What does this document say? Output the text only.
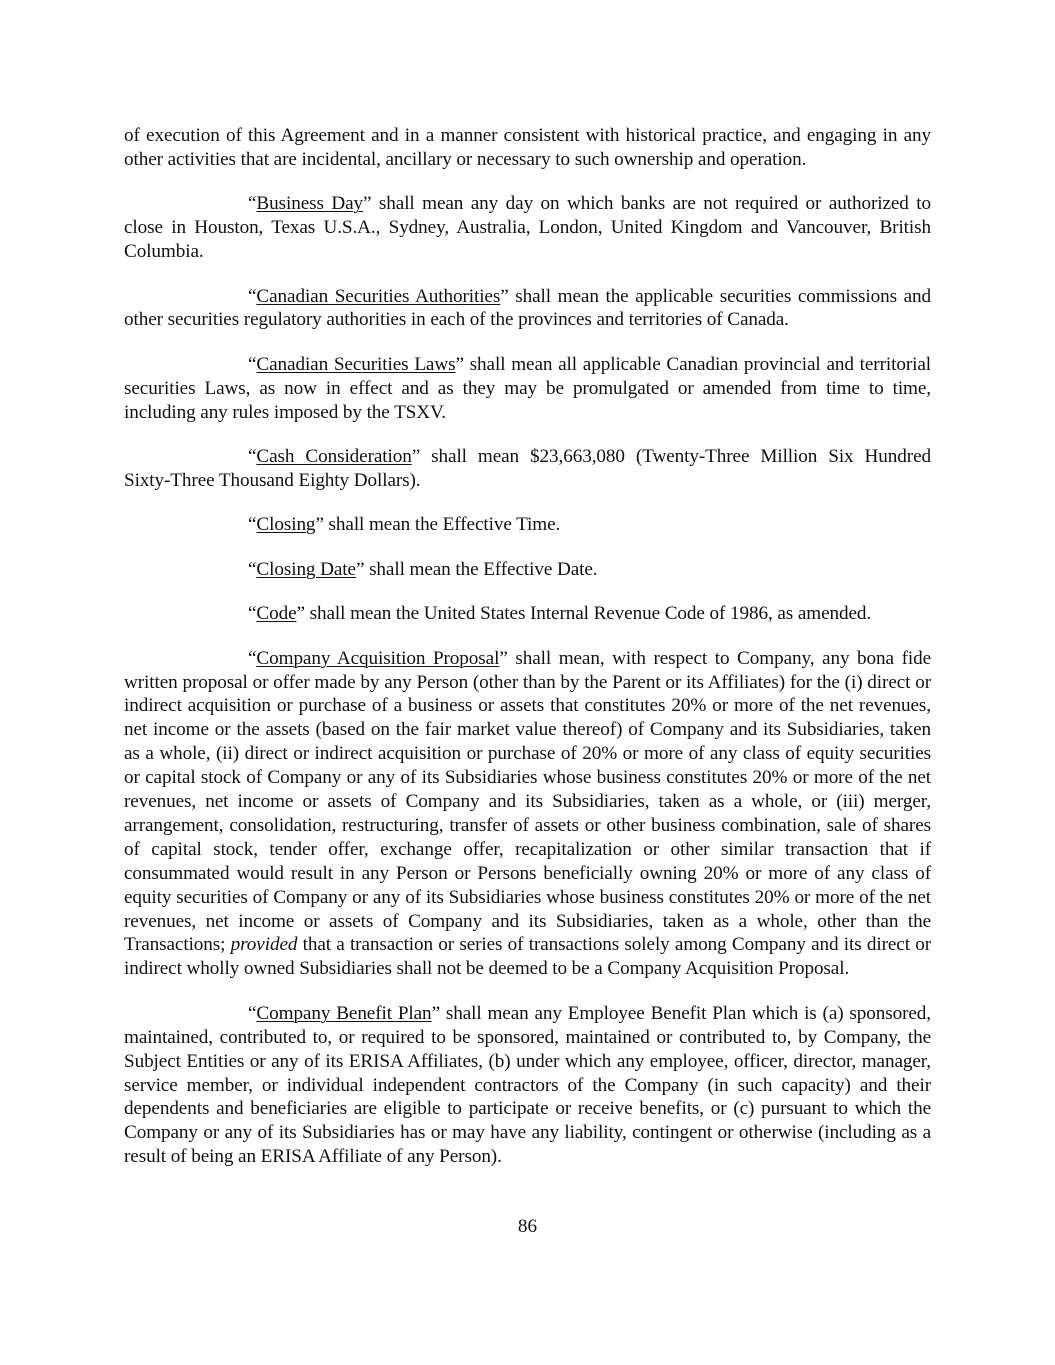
of execution of this Agreement and in a manner consistent with historical practice, and engaging in any other activities that are incidental, ancillary or necessary to such ownership and operation.

“Business Day” shall mean any day on which banks are not required or authorized to close in Houston, Texas U.S.A., Sydney, Australia, London, United Kingdom and Vancouver, British Columbia.

“Canadian Securities Authorities” shall mean the applicable securities commissions and other securities regulatory authorities in each of the provinces and territories of Canada.

“Canadian Securities Laws” shall mean all applicable Canadian provincial and territorial securities Laws, as now in effect and as they may be promulgated or amended from time to time, including any rules imposed by the TSXV.

“Cash Consideration” shall mean $23,663,080 (Twenty-Three Million Six Hundred Sixty-Three Thousand Eighty Dollars).

“Closing” shall mean the Effective Time.

“Closing Date” shall mean the Effective Date.

“Code” shall mean the United States Internal Revenue Code of 1986, as amended.

“Company Acquisition Proposal” shall mean, with respect to Company, any bona fide written proposal or offer made by any Person (other than by the Parent or its Affiliates) for the (i) direct or indirect acquisition or purchase of a business or assets that constitutes 20% or more of the net revenues, net income or the assets (based on the fair market value thereof) of Company and its Subsidiaries, taken as a whole, (ii) direct or indirect acquisition or purchase of 20% or more of any class of equity securities or capital stock of Company or any of its Subsidiaries whose business constitutes 20% or more of the net revenues, net income or assets of Company and its Subsidiaries, taken as a whole, or (iii) merger, arrangement, consolidation, restructuring, transfer of assets or other business combination, sale of shares of capital stock, tender offer, exchange offer, recapitalization or other similar transaction that if consummated would result in any Person or Persons beneficially owning 20% or more of any class of equity securities of Company or any of its Subsidiaries whose business constitutes 20% or more of the net revenues, net income or assets of Company and its Subsidiaries, taken as a whole, other than the Transactions; provided that a transaction or series of transactions solely among Company and its direct or indirect wholly owned Subsidiaries shall not be deemed to be a Company Acquisition Proposal.

“Company Benefit Plan” shall mean any Employee Benefit Plan which is (a) sponsored, maintained, contributed to, or required to be sponsored, maintained or contributed to, by Company, the Subject Entities or any of its ERISA Affiliates, (b) under which any employee, officer, director, manager, service member, or individual independent contractors of the Company (in such capacity) and their dependents and beneficiaries are eligible to participate or receive benefits, or (c) pursuant to which the Company or any of its Subsidiaries has or may have any liability, contingent or otherwise (including as a result of being an ERISA Affiliate of any Person).

86
